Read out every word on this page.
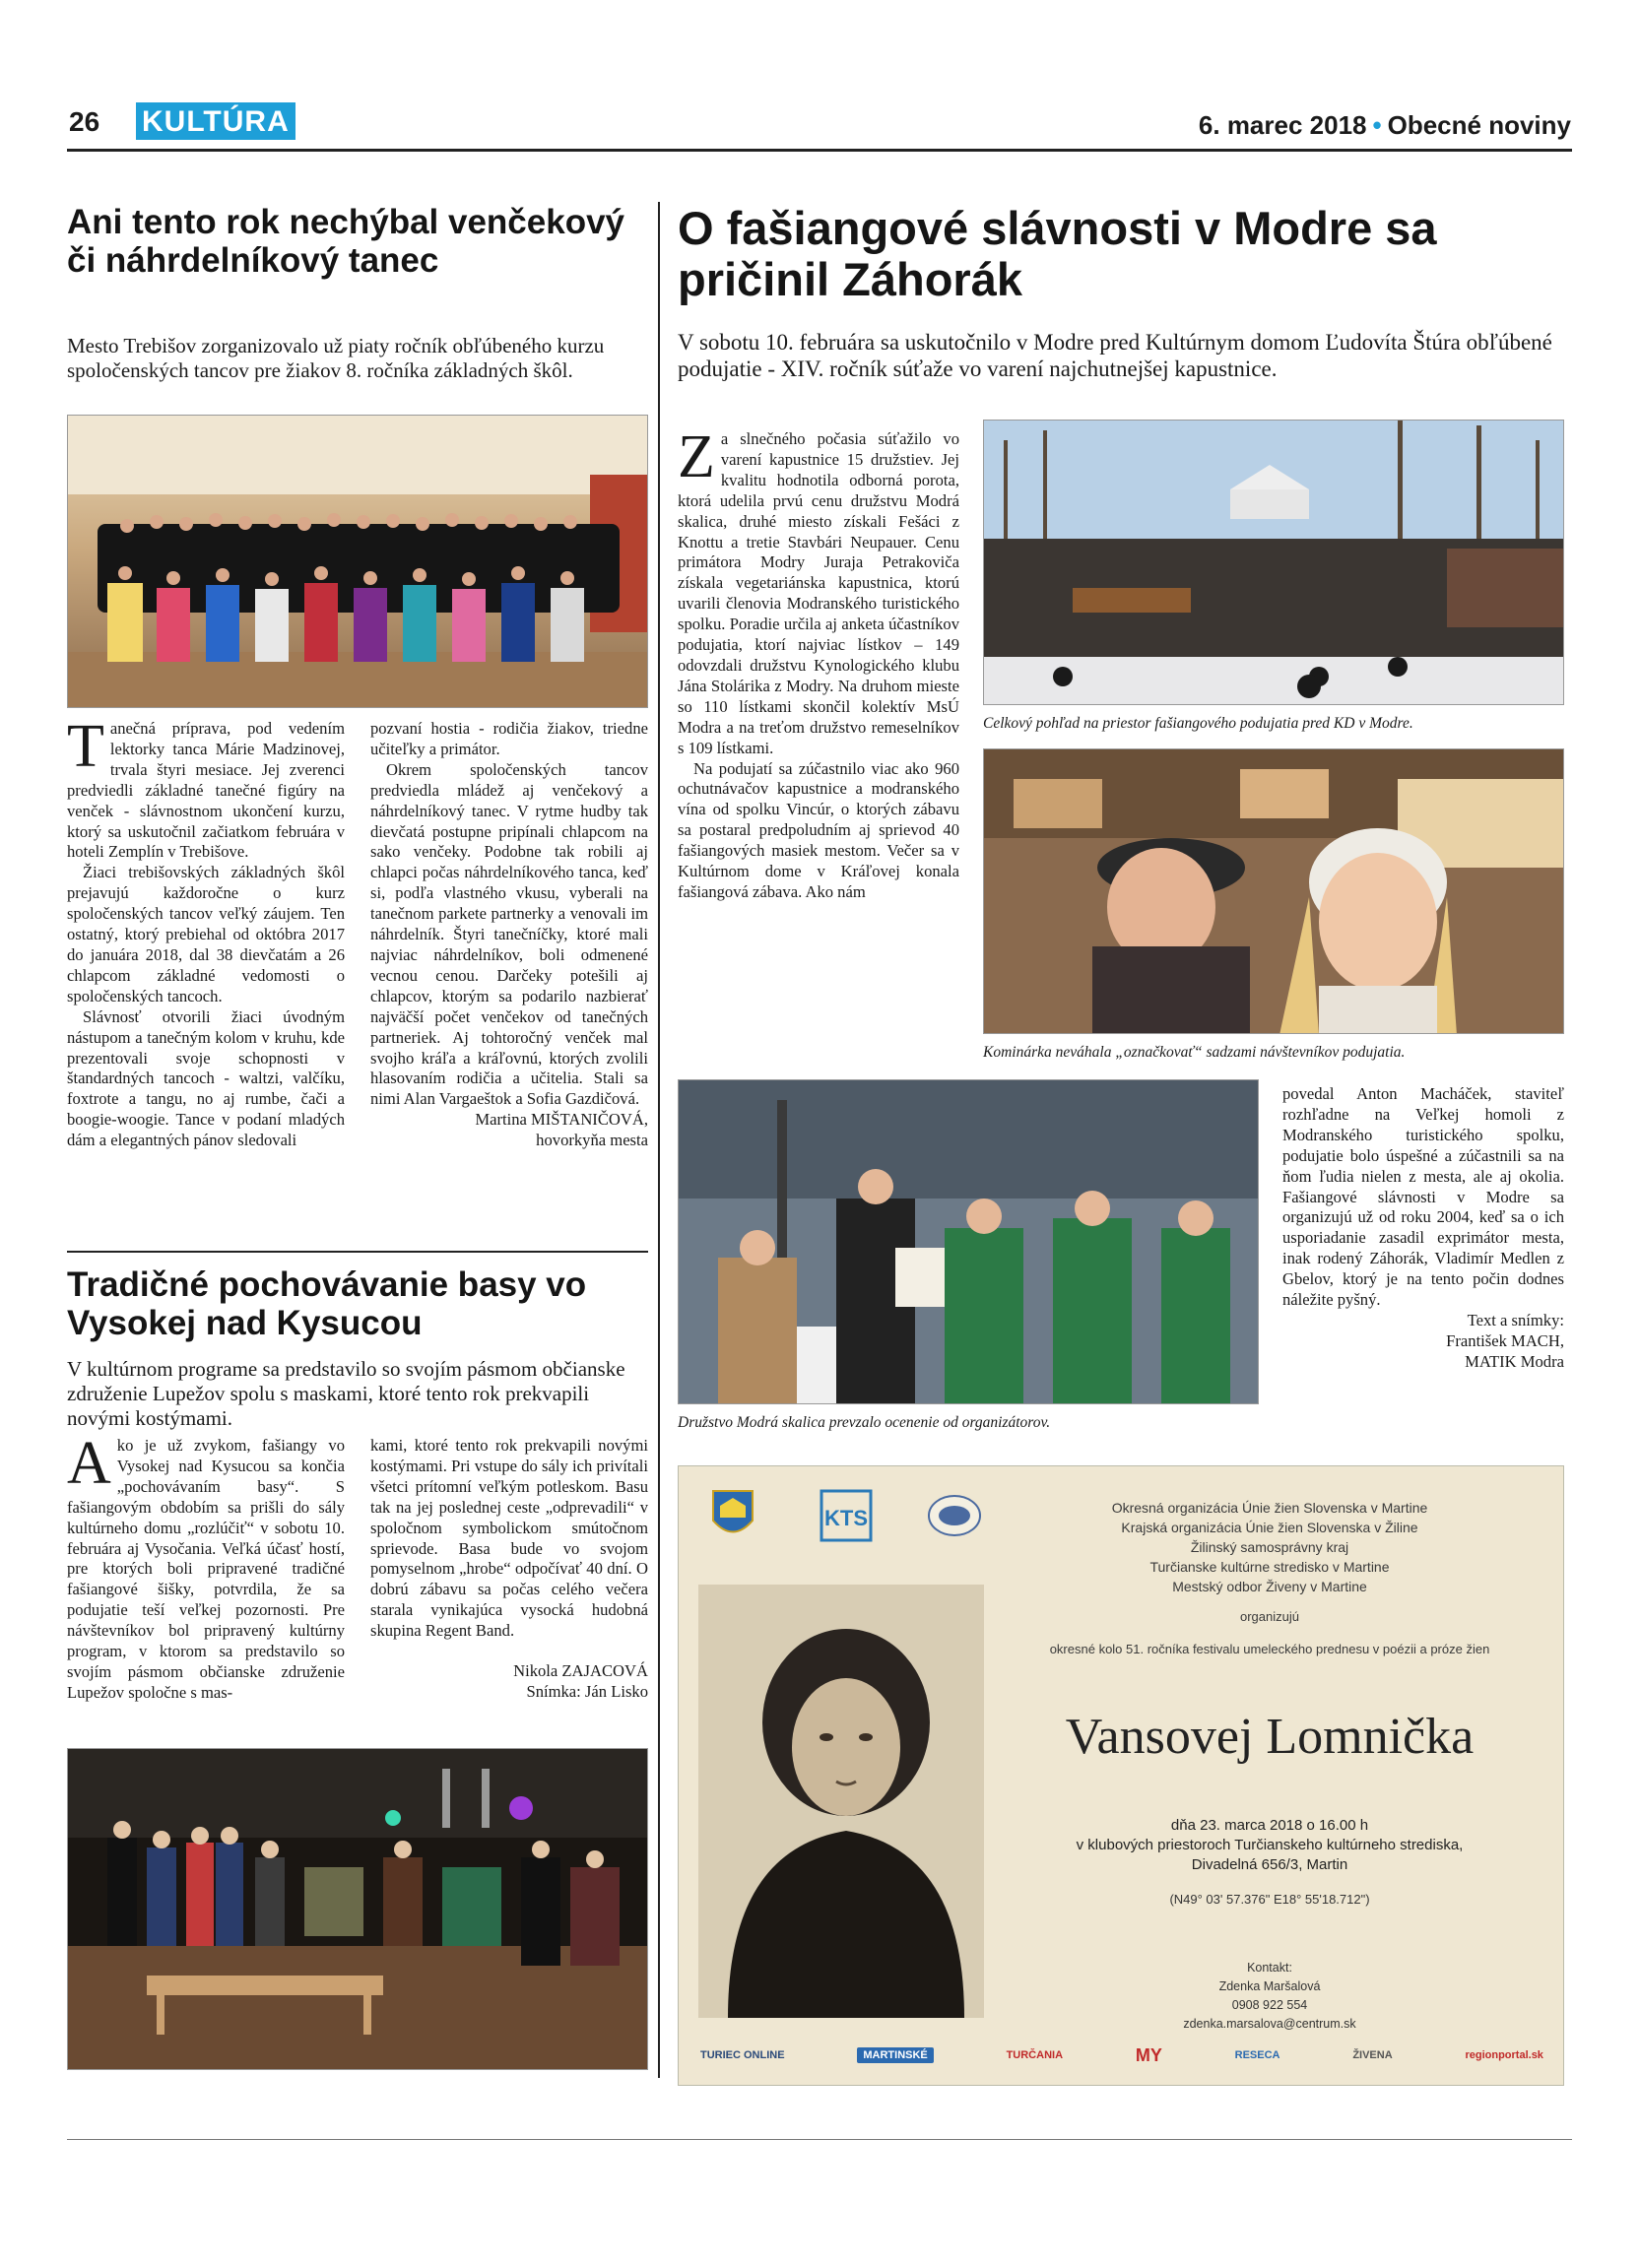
26 KULTÚRA	6. marec 2018 • Obecné noviny
Ani tento rok nechýbal venčekový či náhrdelníkový tanec
Mesto Trebišov zorganizovalo už piaty ročník obľúbeného kurzu spoločenských tancov pre žiakov 8. ročníka základných škôl.

Tanečná príprava, pod vedením lektorky tanca Márie Madzinovej, trvala štyri mesiace. Jej zverenci predviedli základné tanečné figúry na venček - slávnostnom ukončení kurzu, ktorý sa uskutočnil začiatkom februára v hoteli Zemplín v Trebišove.

Žiaci trebišovských základných škôl prejavujú každoročne o kurz spoločenských tancov veľký záujem. Ten ostatný, ktorý prebiehal od októbra 2017 do januára 2018, dal 38 dievčatám a 26 chlapcom základné vedomosti o spoločenských tancoch.

Slávnosť otvorili žiaci úvodným nástupom a tanečným kolom v kruhu, kde prezentovali svoje schopnosti v štandardných tancoch - waltzi, valčíku, foxtrote a tangu, no aj rumbe, čači a boogie-woogie. Tance v podaní mladých dám a elegantných pánov sledovali

pozvaní hostia - rodičia žiakov, triedne učiteľky a primátor.

Okrem spoločenských tancov predviedla mládež aj venčekový a náhrdelníkový tanec. V rytme hudby tak dievčatá postupne pripínali chlapcom na sako venčeky. Podobne tak robili aj chlapci počas náhrdelníkového tanca, keď si, podľa vlastného vkusu, vyberali na tanečnom parkete partnerky a venovali im náhrdelník. Štyri tanečníčky, ktoré mali najviac náhrdelníkov, boli odmenené vecnou cenou. Darčeky potešili aj chlapcov, ktorým sa podarilo nazbierať najväčší počet venčekov od tanečných partneriek. Aj tohtoročný venček mal svojho kráľa a kráľovnú, ktorých zvolili hlasovaním rodičia a učitelia. Stali sa nimi Alan Vargaeštok a Sofia Gazdičová.

Martina MIŠTANIČOVÁ,

hovorkyňa mesta

Tradičné pochovávanie basy vo Vysokej nad Kysucou
V kultúrnom programe sa predstavilo so svojím pásmom občianske združenie Lupežov spolu s maskami, ktoré tento rok prekvapili novými kostýmami.

Ako je už zvykom, fašiangy vo Vysokej nad Kysucou sa končia „pochovávaním basy“. S fašiangovým obdobím sa prišli do sály kultúrneho domu „rozlúčiť“ v sobotu 10. februára aj Vysočania. Veľká účasť hostí, pre ktorých boli pripravené tradičné fašiangové šišky, potvrdila, že sa podujatie teší veľkej pozornosti. Pre návštevníkov bol pripravený kultúrny program, v ktorom sa predstavilo so svojím pásmom občianske združenie Lupežov spoločne s mas-

kami, ktoré tento rok prekvapili novými kostýmami. Pri vstupe do sály ich privítali všetci prítomní veľkým potleskom. Basu tak na jej poslednej ceste „odprevadili“ v spoločnom symbolickom smútočnom sprievode. Basa bude vo svojom pomyselnom „hrobe“ odpočívať 40 dní. O dobrú zábavu sa počas celého večera starala vynikajúca vysocká hudobná skupina Regent Band.

Nikola ZAJACOVÁ

Snímka: Ján Lisko

O fašiangové slávnosti v Modre sa pričinil Záhorák
V sobotu 10. februára sa uskutočnilo v Modre pred Kultúrnym domom Ľudovíta Štúra obľúbené podujatie - XIV. ročník súťaže vo varení najchutnejšej kapustnice.

Za slnečného počasia súťažilo vo varení kapustnice 15 družstiev. Jej kvalitu hodnotila odborná porota, ktorá udelila prvú cenu družstvu Modrá skalica, druhé miesto získali Fešáci z Knottu a tretie Stavbári Neupauer. Cenu primátora Modry Juraja Petrakoviča získala vegetariánska kapustnica, ktorú uvarili členovia Modranského turistického spolku. Poradie určila aj anketa účastníkov podujatia, ktorí najviac lístkov – 149 odovzdali družstvu Kynologického klubu Jána Stolárika z Modry. Na druhom mieste so 110 lístkami skončil kolektív MsÚ Modra a na treťom družstvo remeselníkov s 109 lístkami.

Na podujatí sa zúčastnilo viac ako 960 ochutnávačov kapustnice a modranského vína od spolku Vincúr, o ktorých zábavu sa postaral predpoludním aj sprievod 40 fašiangových masiek mestom. Večer sa v Kultúrnom dome v Kráľovej konala fašiangová zábava. Ako nám

Celkový pohľad na priestor fašiangového podujatia pred KD v Modre.
Kominárka neváhala „označkovať“ sadzami návštevníkov podujatia.
Družstvo Modrá skalica prevzalo ocenenie od organizátorov.

povedal Anton Macháček, staviteľ rozhľadne na Veľkej homoli z Modranského turistického spolku, podujatie bolo úspešné a zúčastnili sa na ňom ľudia nielen z mesta, ale aj okolia. Fašiangové slávnosti v Modre sa organizujú už od roku 2004, keď sa o ich usporiadanie zasadil exprimátor mesta, inak rodený Záhorák, Vladimír Medlen z Gbelov, ktorý je na tento počin dodnes náležite pyšný.

Text a snímky:

František MACH,

MATIK Modra

KTS	Okresná organizácia Únie žien Slovenska v Martine
Krajská organizácia Únie žien Slovenska v Žiline
Žilinský samosprávny kraj
Turčianske kultúrne stredisko v Martine
Mestský odbor Živeny v Martine
organizujú
okresné kolo 51. ročníka festivalu umeleckého prednesu v poézii a próze žien
Vansovej Lomnička
dňa 23. marca 2018 o 16.00 h
v klubových priestoroch Turčianskeho kultúrneho strediska,
Divadelná 656/3, Martin
(N49° 03' 57.376" E18° 55'18.712")
Kontakt:
Zdenka Maršalová
0908 922 554
zdenka.marsalova@centrum.sk
TURIEC ONLINE	MARTINSKÉ	TURČANIA	MY	RESECA	ŽIVENA	regionportal.sk
